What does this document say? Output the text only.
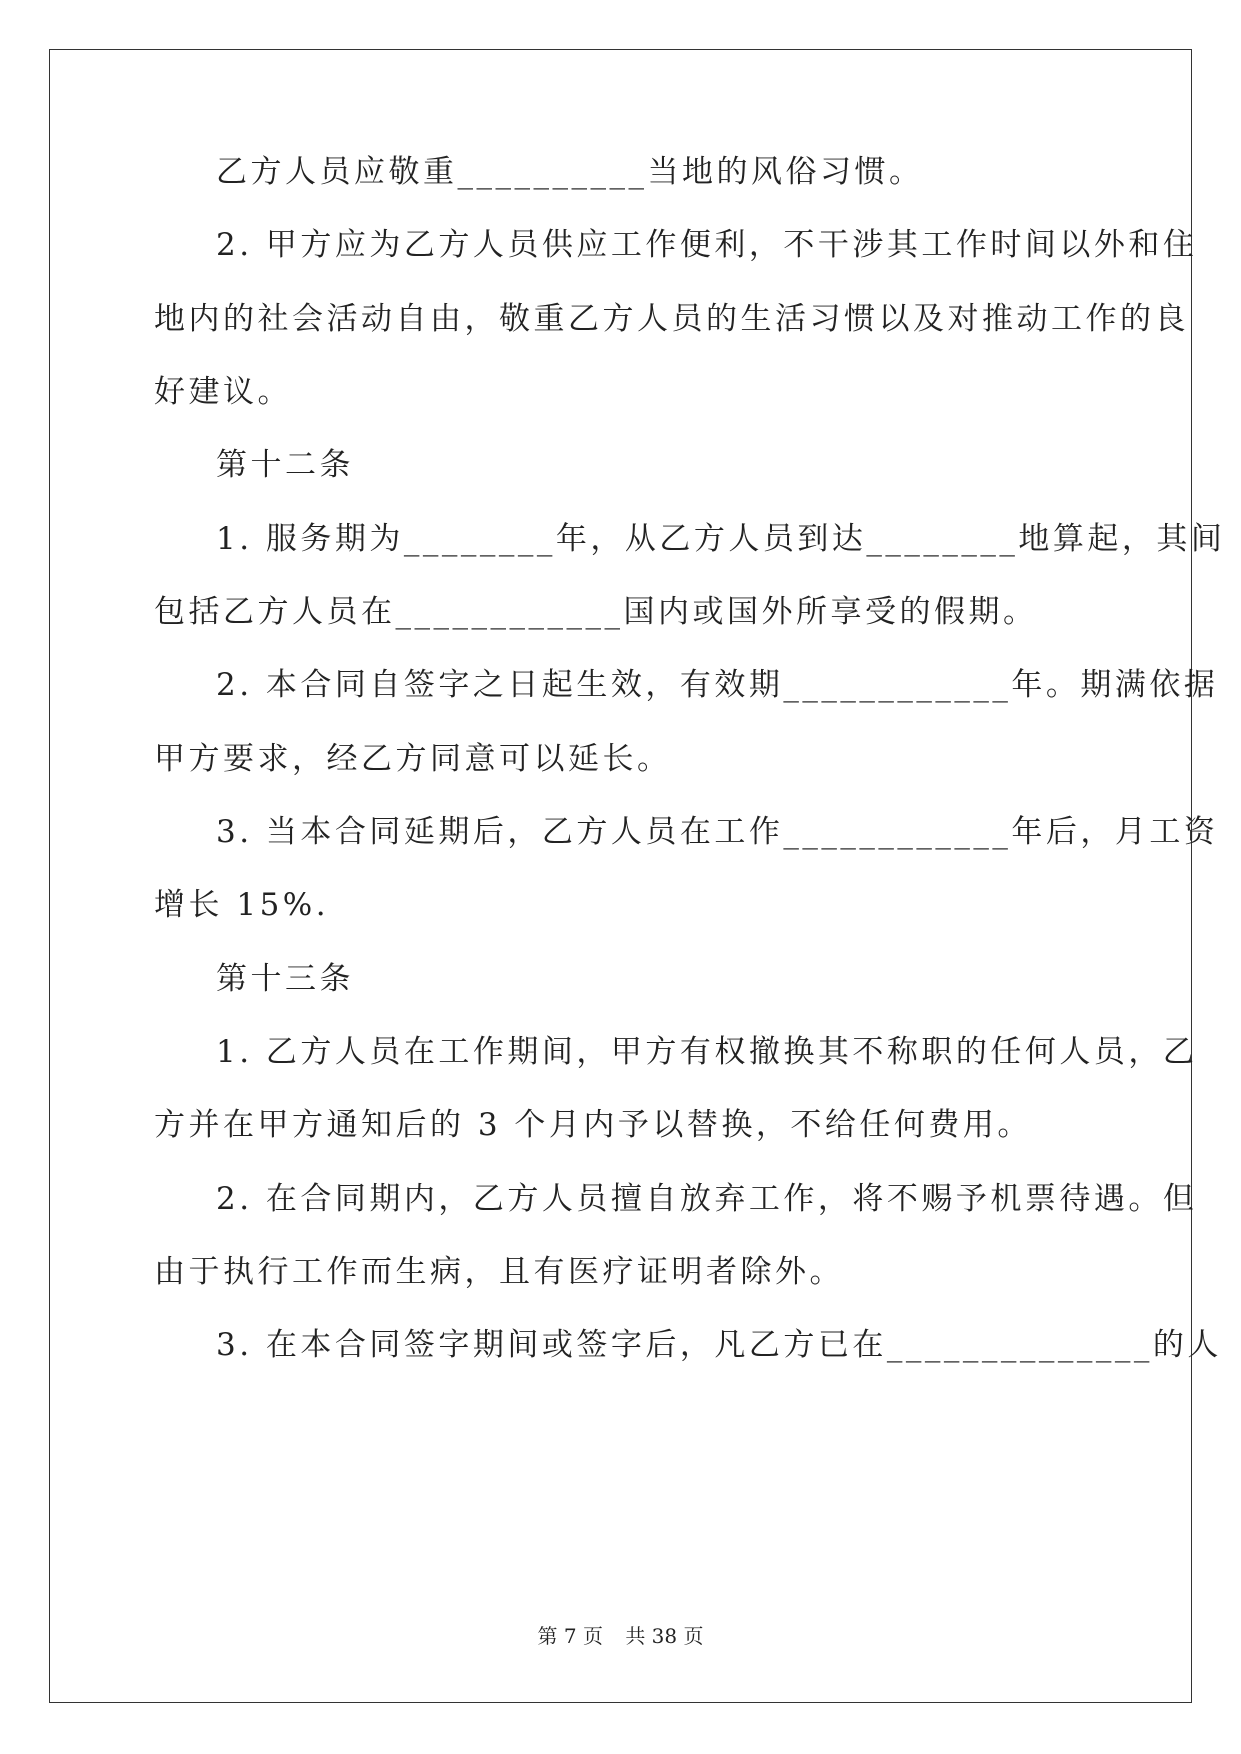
乙方人员应敬重__________当地的风俗习惯。
2. 甲方应为乙方人员供应工作便利，不干涉其工作时间以外和住
地内的社会活动自由，敬重乙方人员的生活习惯以及对推动工作的良
好建议。
第十二条
1. 服务期为________年，从乙方人员到达________地算起，其间
包括乙方人员在____________国内或国外所享受的假期。
2. 本合同自签字之日起生效，有效期____________年。期满依据
甲方要求，经乙方同意可以延长。
3. 当本合同延期后，乙方人员在工作____________年后，月工资
增长 15%.
第十三条
1. 乙方人员在工作期间，甲方有权撤换其不称职的任何人员，乙
方并在甲方通知后的 3 个月内予以替换，不给任何费用。
2. 在合同期内，乙方人员擅自放弃工作，将不赐予机票待遇。但
由于执行工作而生病，且有医疗证明者除外。
3. 在本合同签字期间或签字后，凡乙方已在______________的人
第 7 页 共 38 页
